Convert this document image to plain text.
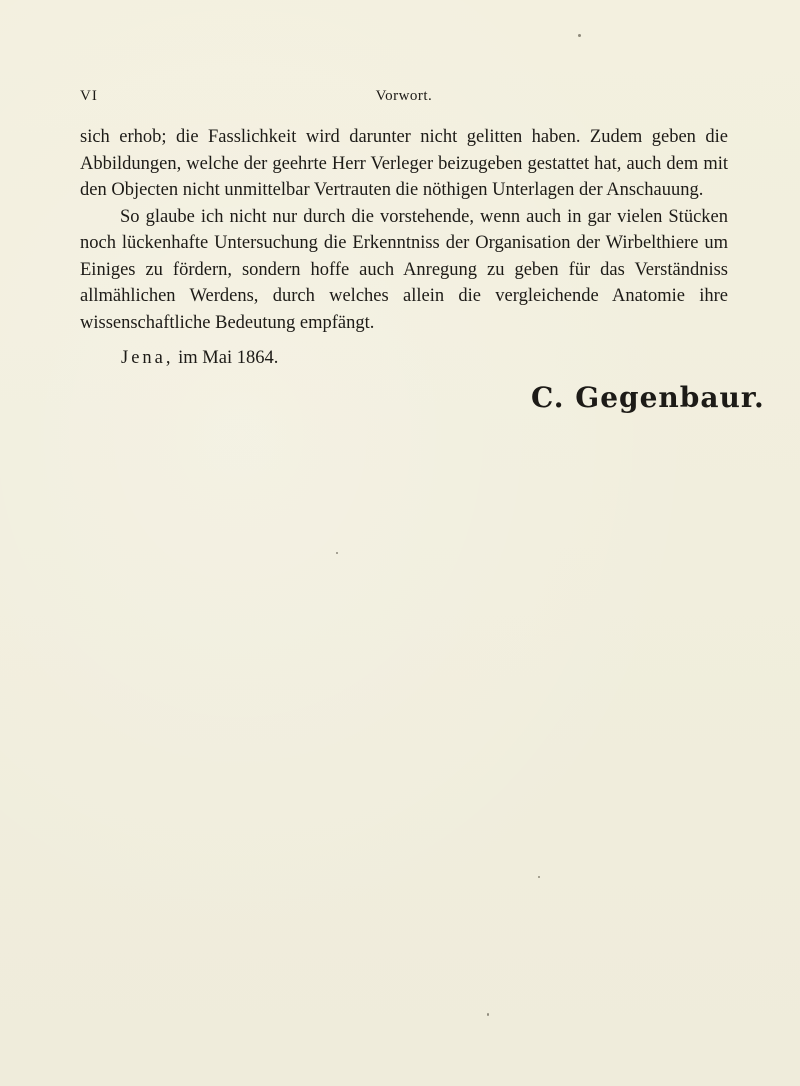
VI	Vorwort.

sich erhob; die Fasslichkeit wird darunter nicht gelitten haben. Zudem geben die Abbildungen, welche der geehrte Herr Verleger beizugeben gestattet hat, auch dem mit den Objecten nicht unmittelbar Vertrauten die nöthigen Unterlagen der Anschauung.

So glaube ich nicht nur durch die vorstehende, wenn auch in gar vielen Stücken noch lückenhafte Untersuchung die Erkenntniss der Organisation der Wirbelthiere um Einiges zu fördern, sondern hoffe auch Anregung zu geben für das Verständniss allmählichen Werdens, durch welches allein die vergleichende Anatomie ihre wissenschaftliche Bedeutung empfängt.

Jena, im Mai 1864.
C. Gegenbaur.
